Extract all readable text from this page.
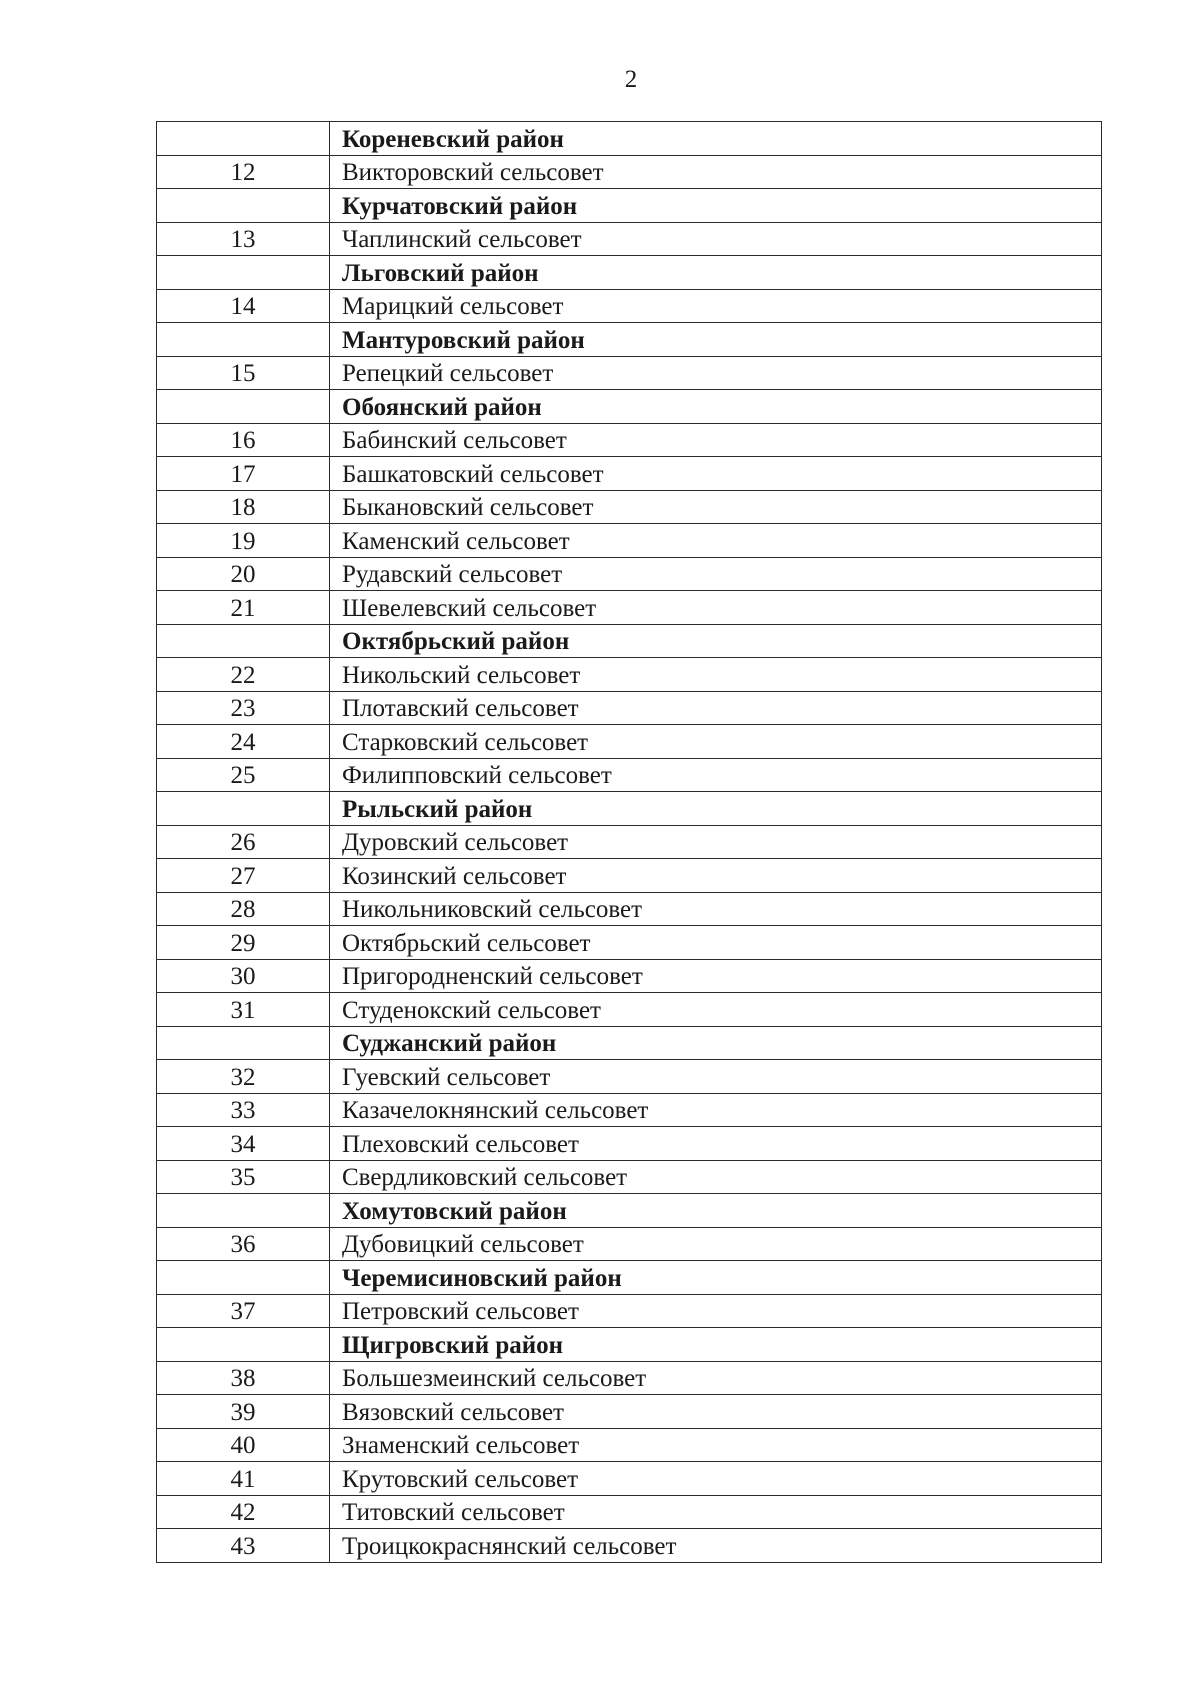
2
	Кореневский район
12	Викторовский сельсовет
	Курчатовский район
13	Чаплинский сельсовет
	Льговский район
14	Марицкий сельсовет
	Мантуровский район
15	Репецкий сельсовет
	Обоянский район
16	Бабинский сельсовет
17	Башкатовский сельсовет
18	Быкановский сельсовет
19	Каменский сельсовет
20	Рудавский сельсовет
21	Шевелевский сельсовет
	Октябрьский район
22	Никольский сельсовет
23	Плотавский сельсовет
24	Старковский сельсовет
25	Филипповский сельсовет
	Рыльский район
26	Дуровский сельсовет
27	Козинский сельсовет
28	Никольниковский сельсовет
29	Октябрьский сельсовет
30	Пригородненский сельсовет
31	Студенокский сельсовет
	Суджанский район
32	Гуевский сельсовет
33	Казачелокнянский сельсовет
34	Плеховский сельсовет
35	Свердликовский сельсовет
	Хомутовский район
36	Дубовицкий сельсовет
	Черемисиновский район
37	Петровский сельсовет
	Щигровский район
38	Большезмеинский сельсовет
39	Вязовский сельсовет
40	Знаменский сельсовет
41	Крутовский сельсовет
42	Титовский сельсовет
43	Троицкокраснянский сельсовет
